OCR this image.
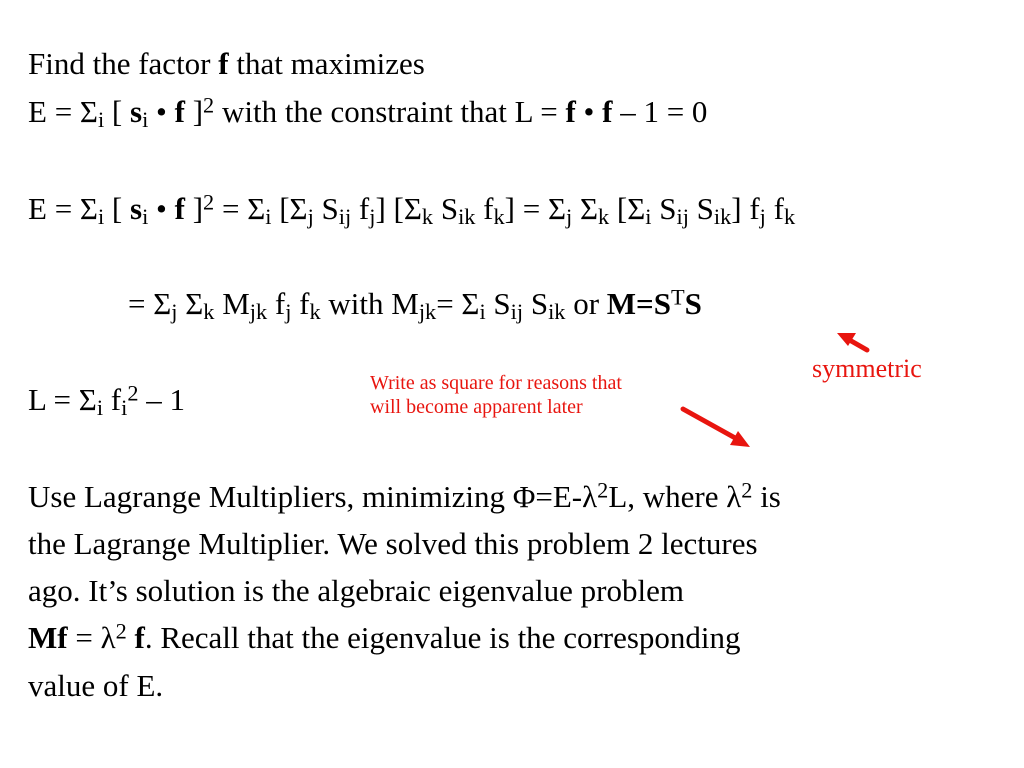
Find the factor f that maximizes
$E = \Sigma_i$ [ $s_i$ • f ]$^2$ with the constraint that L = f • f – 1 = 0
$E = \Sigma_i$ [ $s_i$ • f ]$^2 = \Sigma_i$ [$\Sigma_j$ $S_{ij}$ $f_j$] [$\Sigma_k$ $S_{ik}$ $f_k] = \Sigma_j$ $\Sigma_k$ [$\Sigma_i$ $S_{ij}$ $S_{ik}$] $f_j$ $f_k$
= $\Sigma_j$ $\Sigma_k$ $M_{jk}$ $f_j$ $f_k$ with $M_{jk}= \Sigma_i$ $S_{ij}$ $S_{ik}$ or $M=S^TS$
$L = \Sigma_i$ $f_i^2 - 1$	Write as square for reasons that
will become apparent later
symmetric
Use Lagrange Multipliers, minimizing $\Phi=E-\lambda^2L$, where $\lambda^2$ is
the Lagrange Multiplier. We solved this problem 2 lectures
ago. It’s solution is the algebraic eigenvalue problem
$Mf = \lambda^2$ f. Recall that the eigenvalue is the corresponding
value of E.
